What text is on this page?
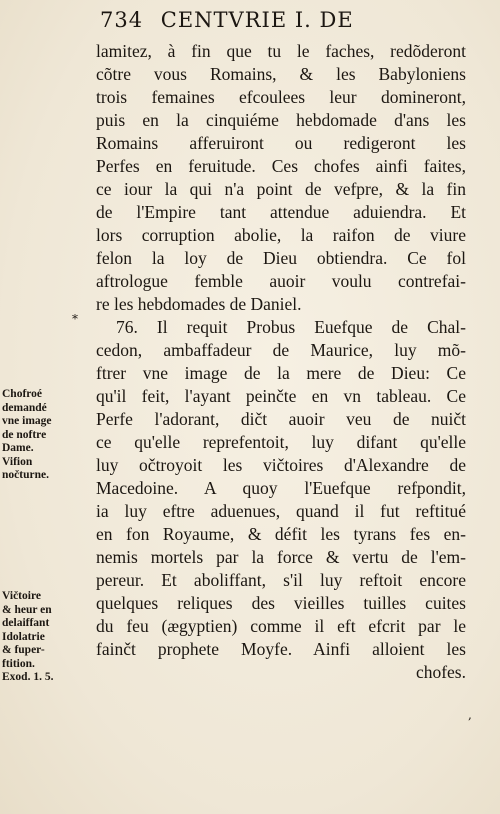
734 CENTVRIE I. DE
⁎
,
lamitez, à fin que tu le faches, redõderont
cõtre vous Romains, & les Babyloniens
trois femaines efcoulees leur domineront,
puis en la cinquiéme hebdomade d'ans les
Romains afferuiront ou redigeront les
Perfes en feruitude. Ces chofes ainfi faites,
ce iour la qui n'a point de vefpre, & la fin
de l'Empire tant attendue aduiendra. Et
lors corruption abolie, la raifon de viure
felon la loy de Dieu obtiendra. Ce fol
aftrologue femble auoir voulu contrefai-
re les hebdomades de Daniel.
76. Il requit Probus Euefque de Chal-
cedon, ambaffadeur de Maurice, luy mõ-
ftrer vne image de la mere de Dieu: Ce
qu'il feit, l'ayant peinčte en vn tableau. Ce
Perfe l'adorant, dičt auoir veu de nuičt
ce qu'elle reprefentoit, luy difant qu'elle
luy očtroyoit les vičtoires d'Alexandre de
Macedoine. A quoy l'Euefque refpondit,
ia luy eftre aduenues, quand il fut reftitué
en fon Royaume, & défit les tyrans fes en-
nemis mortels par la force & vertu de l'em-
pereur. Et aboliffant, s'il luy reftoit encore
quelques reliques des vieilles tuilles cuites
du feu (ægyptien) comme il eft efcrit par le
fainčt prophete Moyfe. Ainfi alloient les
chofes.
Chofroé
demandé
vne image
de noftre
Dame.
Vifion
nočturne.
Vičtoire
& heur en
delaiffant
Idolatrie
& fuper-
ftition.
Exod. 1. 5.
